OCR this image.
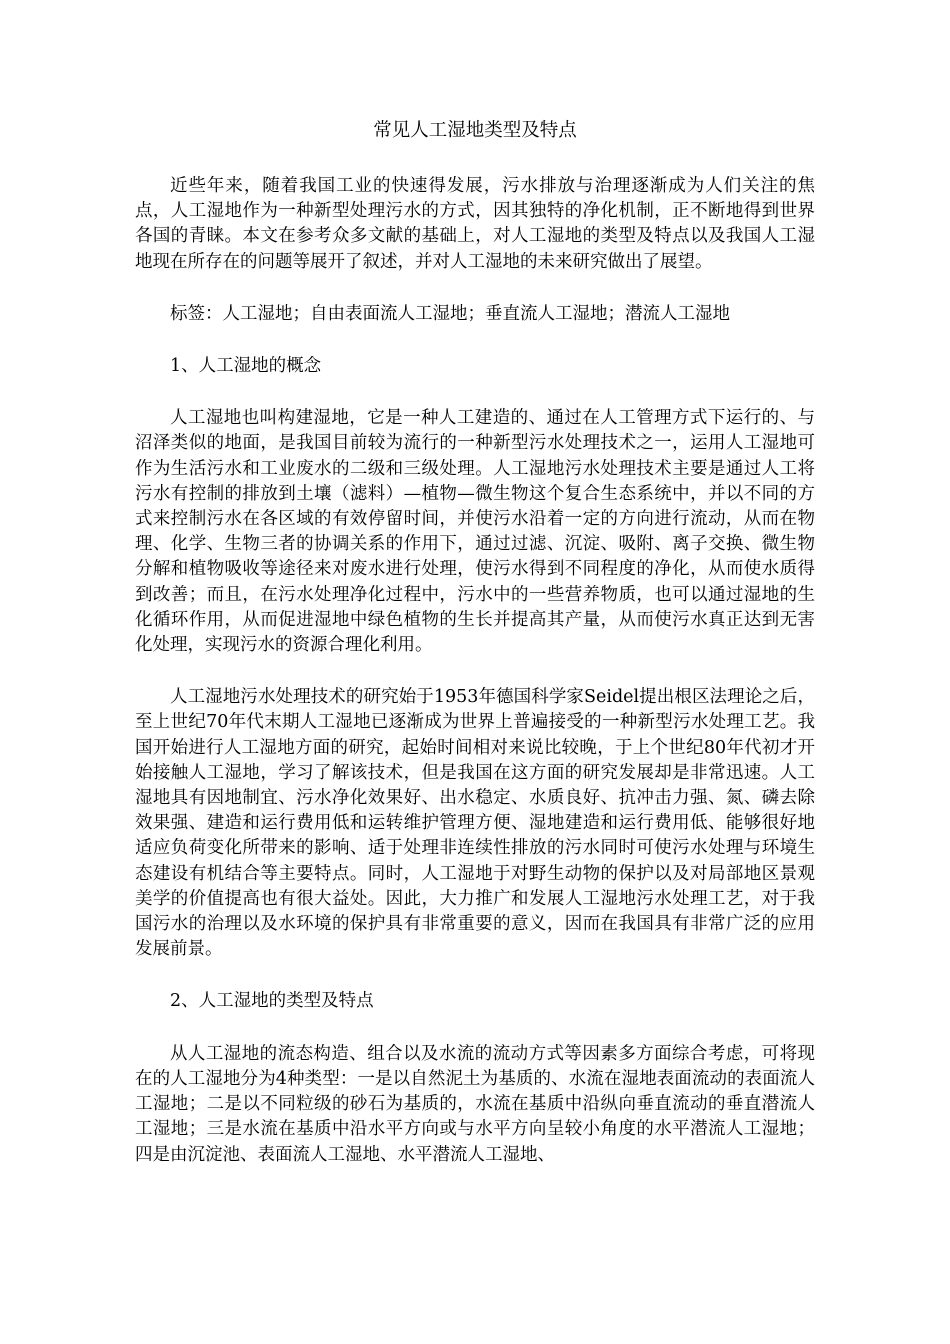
常见人工湿地类型及特点

近些年来，随着我国工业的快速得发展，污水排放与治理逐渐成为人们关注的焦点，人工湿地作为一种新型处理污水的方式，因其独特的净化机制，正不断地得到世界各国的青睐。本文在参考众多文献的基础上，对人工湿地的类型及特点以及我国人工湿地现在所存在的问题等展开了叙述，并对人工湿地的未来研究做出了展望。

标签：人工湿地；自由表面流人工湿地；垂直流人工湿地；潜流人工湿地

1、人工湿地的概念

人工湿地也叫构建湿地，它是一种人工建造的、通过在人工管理方式下运行的、与沼泽类似的地面，是我国目前较为流行的一种新型污水处理技术之一，运用人工湿地可作为生活污水和工业废水的二级和三级处理。人工湿地污水处理技术主要是通过人工将污水有控制的排放到土壤（滤料）—植物—微生物这个复合生态系统中，并以不同的方式来控制污水在各区域的有效停留时间，并使污水沿着一定的方向进行流动，从而在物理、化学、生物三者的协调关系的作用下，通过过滤、沉淀、吸附、离子交换、微生物分解和植物吸收等途径来对废水进行处理，使污水得到不同程度的净化，从而使水质得到改善；而且，在污水处理净化过程中，污水中的一些营养物质，也可以通过湿地的生化循环作用，从而促进湿地中绿色植物的生长并提高其产量，从而使污水真正达到无害化处理，实现污水的资源合理化利用。

人工湿地污水处理技术的研究始于1953年德国科学家Seidel提出根区法理论之后，至上世纪70年代末期人工湿地已逐渐成为世界上普遍接受的一种新型污水处理工艺。我国开始进行人工湿地方面的研究，起始时间相对来说比较晚，于上个世纪80年代初才开始接触人工湿地，学习了解该技术，但是我国在这方面的研究发展却是非常迅速。人工湿地具有因地制宜、污水净化效果好、出水稳定、水质良好、抗冲击力强、氮、磷去除效果强、建造和运行费用低和运转维护管理方便、湿地建造和运行费用低、能够很好地适应负荷变化所带来的影响、适于处理非连续性排放的污水同时可使污水处理与环境生态建设有机结合等主要特点。同时，人工湿地于对野生动物的保护以及对局部地区景观美学的价值提高也有很大益处。因此，大力推广和发展人工湿地污水处理工艺，对于我国污水的治理以及水环境的保护具有非常重要的意义，因而在我国具有非常广泛的应用发展前景。

2、人工湿地的类型及特点

从人工湿地的流态构造、组合以及水流的流动方式等因素多方面综合考虑，可将现在的人工湿地分为4种类型：一是以自然泥土为基质的、水流在湿地表面流动的表面流人工湿地；二是以不同粒级的砂石为基质的，水流在基质中沿纵向垂直流动的垂直潜流人工湿地；三是水流在基质中沿水平方向或与水平方向呈较小角度的水平潜流人工湿地；四是由沉淀池、表面流人工湿地、水平潜流人工湿地、
